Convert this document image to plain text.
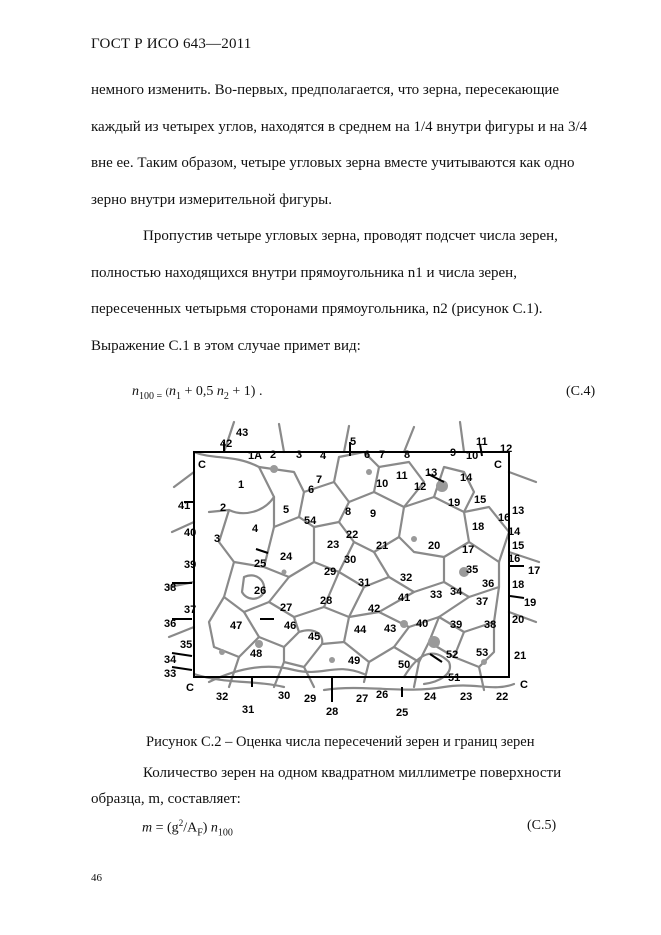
ГОСТ Р ИСО 643—2011
немного изменить. Во-первых, предполагается, что зерна, пересекающие
каждый из четырех углов, находятся в среднем на 1/4 внутри фигуры и на 3/4
вне ее. Таким образом, четыре угловых зерна вместе учитываются как одно
зерно внутри измерительной фигуры.
Пропустив четыре угловых зерна, проводят подсчет числа зерен,
полностью находящихся внутри прямоугольника n1 и числа зерен,
пересеченных четырьмя сторонами прямоугольника, n2 (рисунок С.1).
Выражение С.1 в этом случае примет вид:
$n_{100 =}$ ($n_1 + 0,5$ $n_2 + 1$) .	(С.4)
C	C
43
42
1A 2 3 4
5
6 7 8	9 10
11
12
1	7
6	10
11
12
13 14
19 15
41	2	5	8 9	13
16
18
54
4
40 3	22
23	21	20 17
14
15
24	30	16
25
29	35	17
39
32
31	36 18
38	26
41 33 34
37	19
28
42
27
37
20
36	47	46	40 39 38
44 43
45
35
52 53
48	21
34	49	50
33	51
C	C
32	30 29	27 26	24 23 22
31	28	25
Рисунок С.2 – Оценка числа пересечений зерен и границ зерен
Количество зерен на одном квадратном миллиметре поверхности
образца, m, составляет:
$m = (g^2/A_F)$ $n_{100}$	(С.5)
46
